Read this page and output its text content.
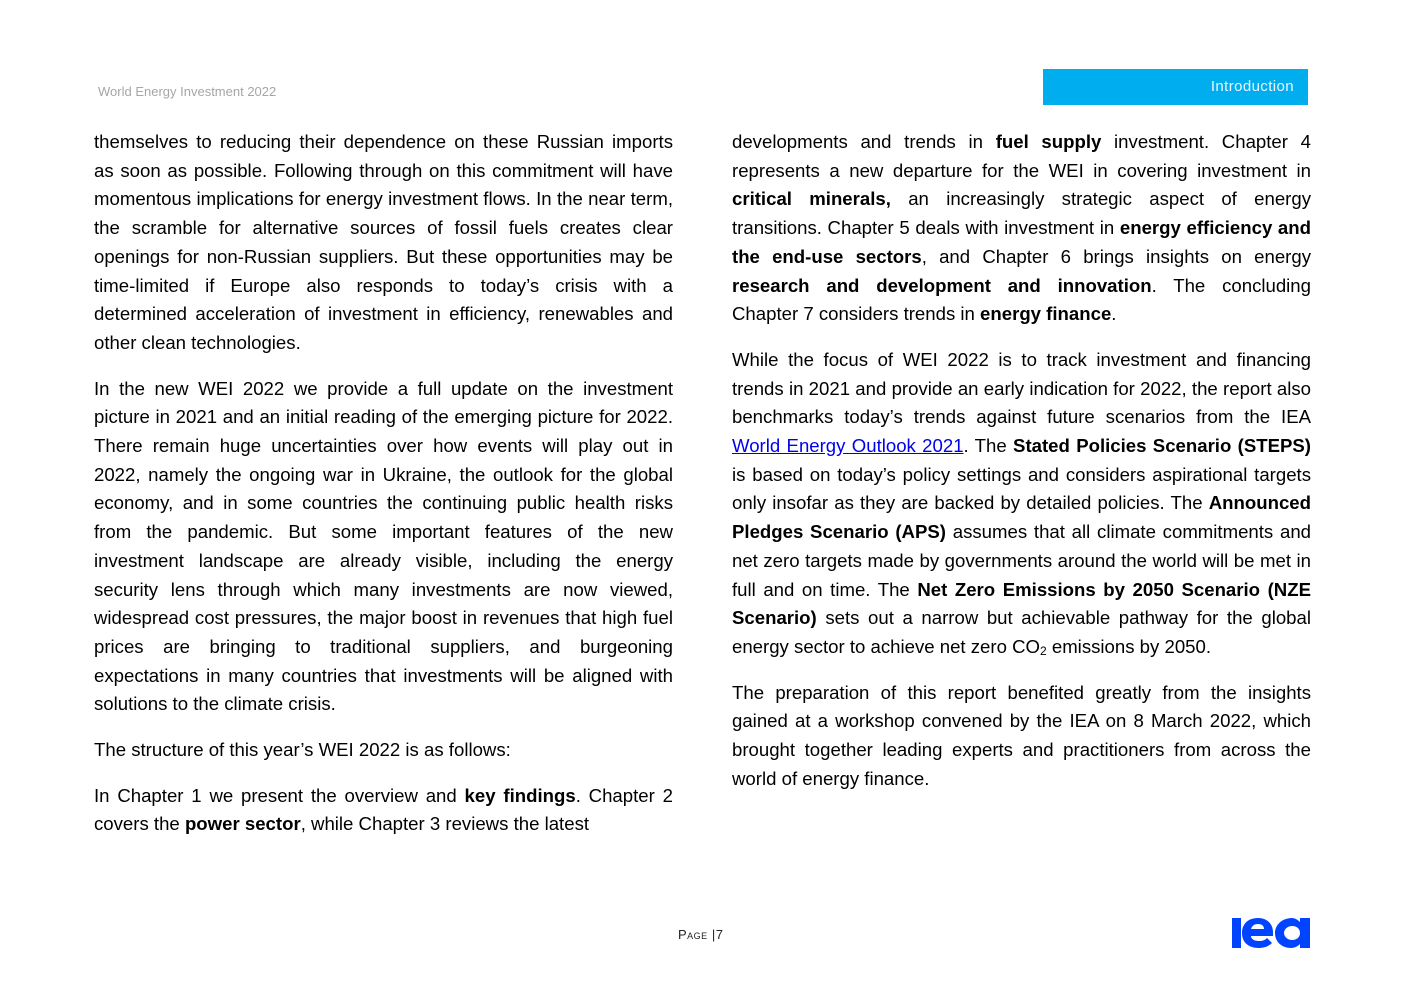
World Energy Investment 2022	Introduction

themselves to reducing their dependence on these Russian imports as soon as possible. Following through on this commitment will have momentous implications for energy investment flows. In the near term, the scramble for alternative sources of fossil fuels creates clear openings for non-Russian suppliers. But these opportunities may be time-limited if Europe also responds to today’s crisis with a determined acceleration of investment in efficiency, renewables and other clean technologies.

In the new WEI 2022 we provide a full update on the investment picture in 2021 and an initial reading of the emerging picture for 2022. There remain huge uncertainties over how events will play out in 2022, namely the ongoing war in Ukraine, the outlook for the global economy, and in some countries the continuing public health risks from the pandemic. But some important features of the new investment landscape are already visible, including the energy security lens through which many investments are now viewed, widespread cost pressures, the major boost in revenues that high fuel prices are bringing to traditional suppliers, and burgeoning expectations in many countries that investments will be aligned with solutions to the climate crisis.

The structure of this year’s WEI 2022 is as follows:

In Chapter 1 we present the overview and key findings. Chapter 2 covers the power sector, while Chapter 3 reviews the latest

developments and trends in fuel supply investment. Chapter 4 represents a new departure for the WEI in covering investment in critical minerals, an increasingly strategic aspect of energy transitions. Chapter 5 deals with investment in energy efficiency and the end-use sectors, and Chapter 6 brings insights on energy research and development and innovation. The concluding Chapter 7 considers trends in energy finance.

While the focus of WEI 2022 is to track investment and financing trends in 2021 and provide an early indication for 2022, the report also benchmarks today’s trends against future scenarios from the IEA World Energy Outlook 2021. The Stated Policies Scenario (STEPS) is based on today’s policy settings and considers aspirational targets only insofar as they are backed by detailed policies. The Announced Pledges Scenario (APS) assumes that all climate commitments and net zero targets made by governments around the world will be met in full and on time. The Net Zero Emissions by 2050 Scenario (NZE Scenario) sets out a narrow but achievable pathway for the global energy sector to achieve net zero $CO_2$ emissions by 2050.

The preparation of this report benefited greatly from the insights gained at a workshop convened by the IEA on 8 March 2022, which brought together leading experts and practitioners from across the world of energy finance.

Page |7
